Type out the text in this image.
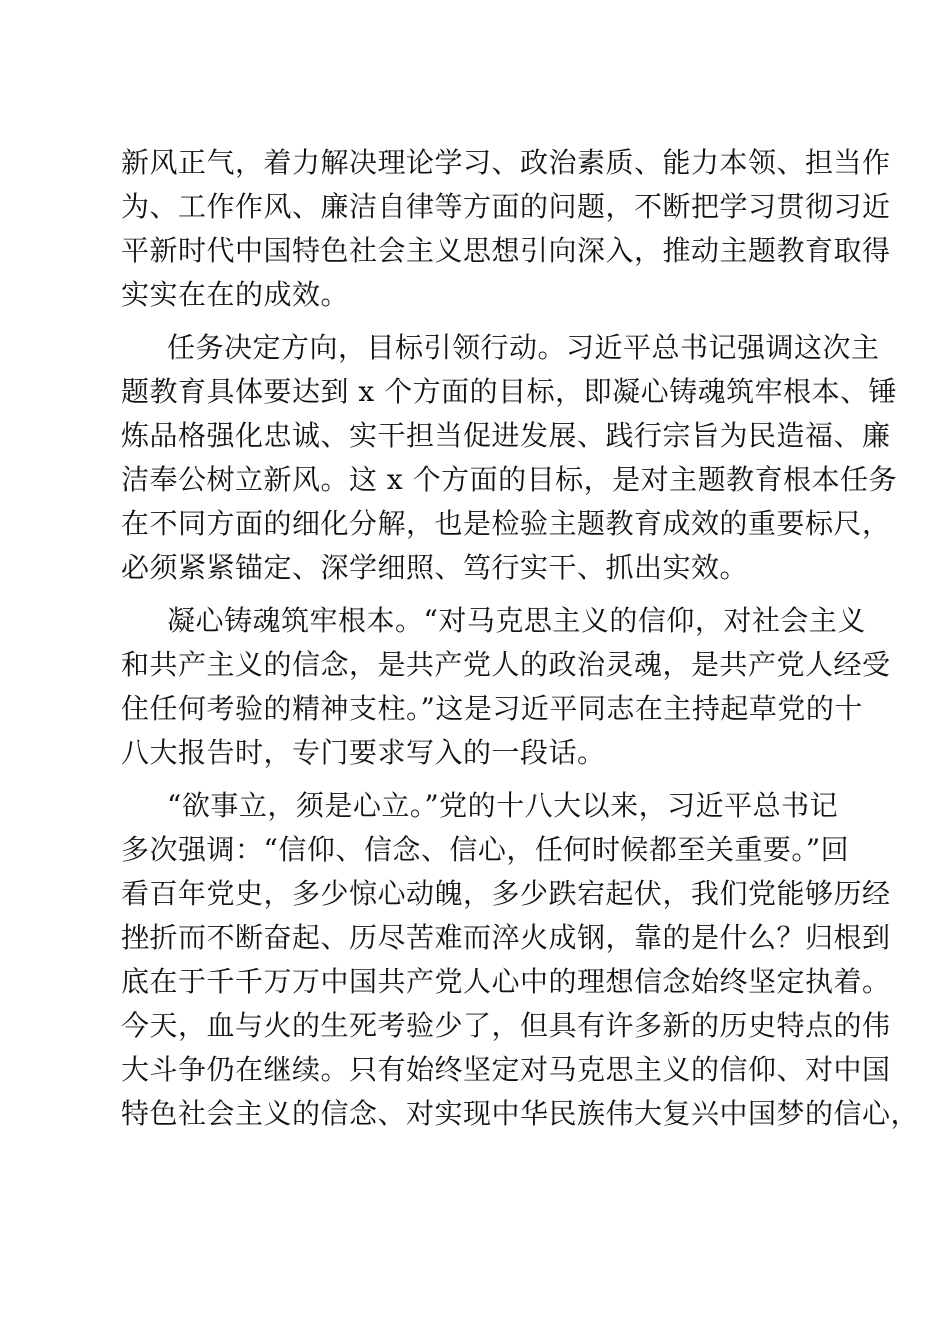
新风正气，着力解决理论学习、政治素质、能力本领、担当作

为、工作作风、廉洁自律等方面的问题，不断把学习贯彻习近

平新时代中国特色社会主义思想引向深入，推动主题教育取得

实实在在的成效。

任务决定方向，目标引领行动。习近平总书记强调这次主

题教育具体要达到 x 个方面的目标，即凝心铸魂筑牢根本、锤

炼品格强化忠诚、实干担当促进发展、践行宗旨为民造福、廉

洁奉公树立新风。这 x 个方面的目标，是对主题教育根本任务

在不同方面的细化分解，也是检验主题教育成效的重要标尺，

必须紧紧锚定、深学细照、笃行实干、抓出实效。

凝心铸魂筑牢根本。“对马克思主义的信仰，对社会主义

和共产主义的信念，是共产党人的政治灵魂，是共产党人经受

住任何考验的精神支柱。”这是习近平同志在主持起草党的十

八大报告时，专门要求写入的一段话。

“欲事立，须是心立。”党的十八大以来，习近平总书记

多次强调：“信仰、信念、信心，任何时候都至关重要。”回

看百年党史，多少惊心动魄，多少跌宕起伏，我们党能够历经

挫折而不断奋起、历尽苦难而淬火成钢，靠的是什么？归根到

底在于千千万万中国共产党人心中的理想信念始终坚定执着。

今天，血与火的生死考验少了，但具有许多新的历史特点的伟

大斗争仍在继续。只有始终坚定对马克思主义的信仰、对中国

特色社会主义的信念、对实现中华民族伟大复兴中国梦的信心，
